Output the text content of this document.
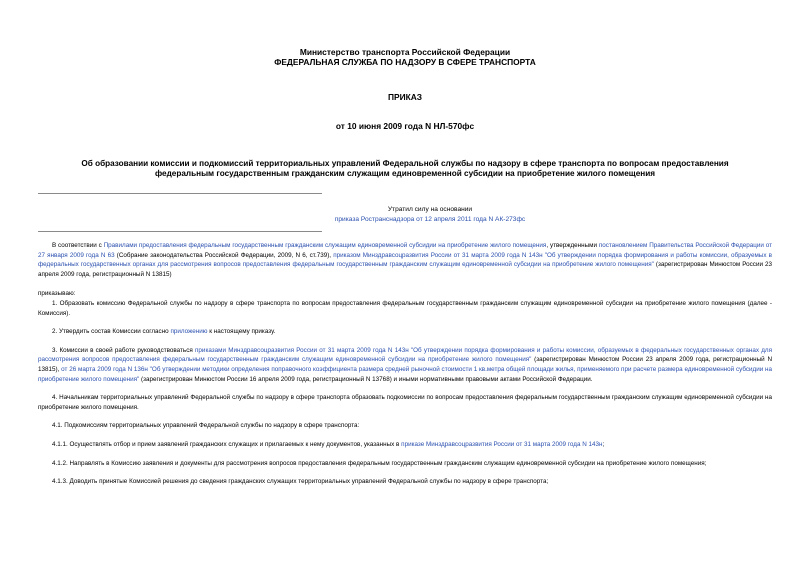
Министерство транспорта Российской Федерации
ФЕДЕРАЛЬНАЯ СЛУЖБА ПО НАДЗОРУ В СФЕРЕ ТРАНСПОРТА
ПРИКАЗ
от 10 июня 2009 года N НЛ-570фс
Об образовании комиссии и подкомиссий территориальных управлений Федеральной службы по надзору в сфере транспорта по вопросам предоставления
федеральным государственным гражданским служащим единовременной субсидии на приобретение жилого помещения
Утратил силу на основании
приказа Ространснадзора от 12 апреля 2011 года N АК-273фс

В соответствии с Правилами предоставления федеральным государственным гражданским служащим единовременной субсидии на приобретение жилого помещения, утвержденными постановлением Правительства Российской Федерации от 27 января 2009 года N 63 (Собрание законодательства Российской Федерации, 2009, N 6, ст.739), приказом Минздравсоцразвития России от 31 марта 2009 года N 143н "Об утверждении порядка формирования и работы комиссии, образуемых в федеральных государственных органах для рассмотрения вопросов предоставления федеральным государственным гражданским служащим единовременной субсидии на приобретение жилого помещения" (зарегистрирован Минюстом России 23 апреля 2009 года, регистрационный N 13815)

приказываю:

1. Образовать комиссию Федеральной службы по надзору в сфере транспорта по вопросам предоставления федеральным государственным гражданским служащим единовременной субсидии на приобретение жилого помещения (далее - Комиссия).

2. Утвердить состав Комиссии согласно приложению к настоящему приказу.

3. Комиссии в своей работе руководствоваться приказами Минздравсоцразвития России от 31 марта 2009 года N 143н "Об утверждении порядка формирования и работы комиссии, образуемых в федеральных государственных органах для рассмотрения вопросов предоставления федеральным государственным гражданским служащим единовременной субсидии на приобретение жилого помещения" (зарегистрирован Минюстом России 23 апреля 2009 года, регистрационный N 13815), от 26 марта 2009 года N 136н "Об утверждении методики определения поправочного коэффициента размера средней рыночной стоимости 1 кв.метра общей площади жилья, применяемого при расчете размера единовременной субсидии на приобретение жилого помещения" (зарегистрирован Минюстом России 16 апреля 2009 года, регистрационный N 13768) и иными нормативными правовыми актами Российской Федерации.

4. Начальникам территориальных управлений Федеральной службы по надзору в сфере транспорта образовать подкомиссии по вопросам предоставления федеральным государственным гражданским служащим единовременной субсидии на приобретение жилого помещения.

4.1. Подкомиссиям территориальных управлений Федеральной службы по надзору в сфере транспорта:

4.1.1. Осуществлять отбор и прием заявлений гражданских служащих и прилагаемых к нему документов, указанных в приказе Минздравсоцразвития России от 31 марта 2009 года N 143н;

4.1.2. Направлять в Комиссию заявления и документы для рассмотрения вопросов предоставления федеральным государственным гражданским служащим единовременной субсидии на приобретение жилого помещения;

4.1.3. Доводить принятые Комиссией решения до сведения гражданских служащих территориальных управлений Федеральной службы по надзору в сфере транспорта;
